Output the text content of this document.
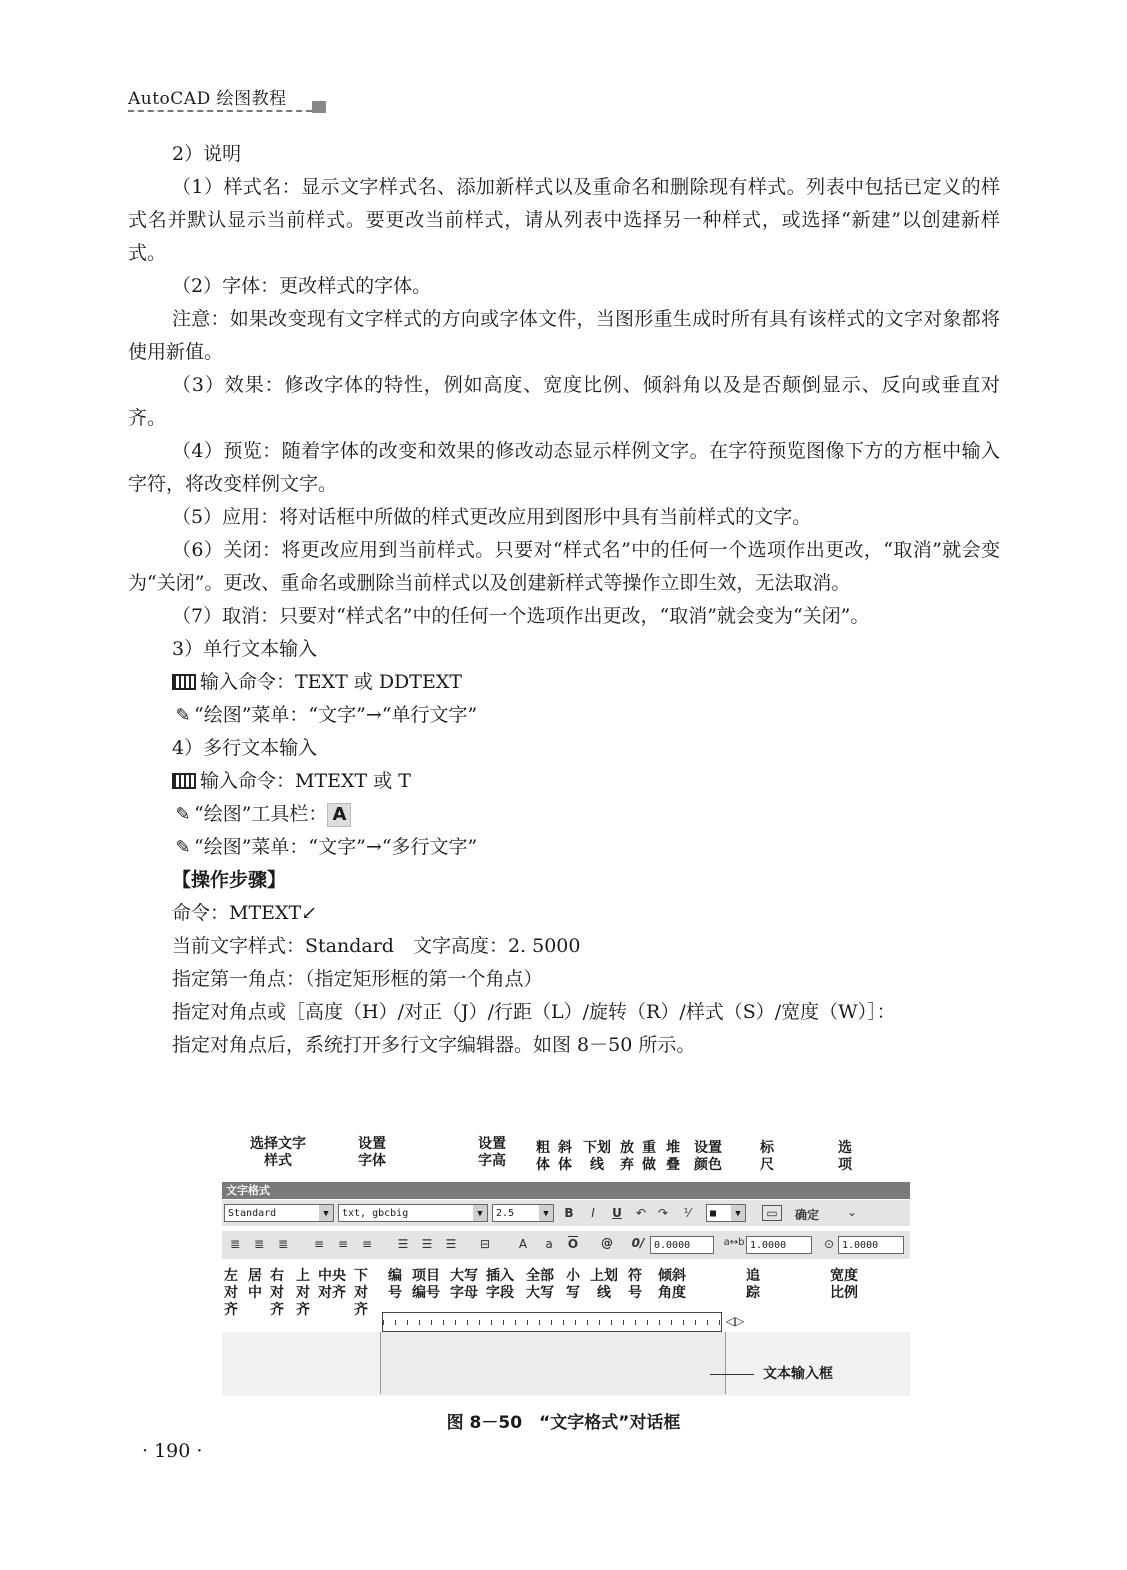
AutoCAD 绘图教程

2）说明

（1）样式名：显示文字样式名、添加新样式以及重命名和删除现有样式。列表中包括已定义的样式名并默认显示当前样式。要更改当前样式，请从列表中选择另一种样式，或选择“新建”以创建新样式。

（2）字体：更改样式的字体。

注意：如果改变现有文字样式的方向或字体文件，当图形重生成时所有具有该样式的文字对象都将使用新值。

（3）效果：修改字体的特性，例如高度、宽度比例、倾斜角以及是否颠倒显示、反向或垂直对齐。

（4）预览：随着字体的改变和效果的修改动态显示样例文字。在字符预览图像下方的方框中输入字符，将改变样例文字。

（5）应用：将对话框中所做的样式更改应用到图形中具有当前样式的文字。

（6）关闭：将更改应用到当前样式。只要对“样式名”中的任何一个选项作出更改，“取消”就会变为“关闭”。更改、重命名或删除当前样式以及创建新样式等操作立即生效，无法取消。

（7）取消：只要对“样式名”中的任何一个选项作出更改，“取消”就会变为“关闭”。

3）单行文本输入

输入命令：TEXT 或 DDTEXT

✎ “绘图”菜单：“文字”→“单行文字”

4）多行文本输入

输入命令：MTEXT 或 T

✎ “绘图”工具栏： A

✎ “绘图”菜单：“文字”→“多行文字”

【操作步骤】

命令：MTEXT↙

当前文字样式：Standard　文字高度：2. 5000

指定第一角点：（指定矩形框的第一个角点）

指定对角点或［高度（H）/对正（J）/行距（L）/旋转（R）/样式（S）/宽度（W）］：

指定对角点后，系统打开多行文字编辑器。如图 8－50 所示。

选择文字样式
设置字体
设置字高
粗体
斜体
下划线
放弃
重做
堆叠
设置颜色
标尺
选项
文字格式
Standard	▼	txt, gbcbig	▼	2.5	▼	B	I	U ↶ ↷ ⅟	■	▼	▭	确定 ⌄
≣	≣	≣	≡	≡	≡	☰	☰	☰	⊟	ꓮ	a	$\overline{O}$	@	0/ 0.0000	a↔b 1.0000	⊙ 1.0000
左对齐
居中
右对齐
上对齐
中央对齐
下对齐
编号
项目编号
大写字母
插入字段
全部大写
小写
上划线
符号
倾斜角度
追踪
宽度比例
◁▷
文本输入框
图 8－50　“文字格式”对话框
· 190 ·
